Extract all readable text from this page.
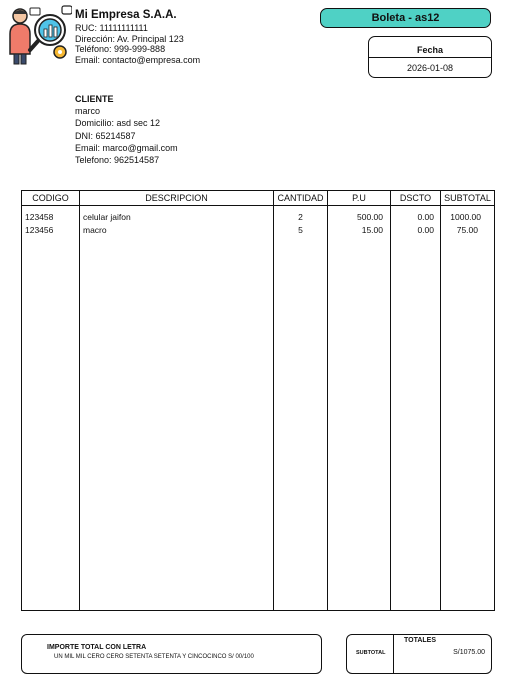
Mi Empresa S.A.A.
RUC: 11111111111
Dirección: Av. Principal 123
Teléfono: 999-999-888
Email: contacto@empresa.com
Boleta - as12
Fecha
2026-01-08
CLIENTE
marco
Domicilio: asd sec 12
DNI: 65214587
Email: marco@gmail.com
Telefono: 962514587
CODIGO	DESCRIPCION	CANTIDAD	P.U	DSCTO	SUBTOTAL
123458	celular jaifon	2	500.00	0.00	1000.00
123456	macro	5	15.00	0.00	75.00
IMPORTE TOTAL CON LETRA
UN MIL MIL CERO CERO SETENTA SETENTA Y CINCOCINCO S/ 00/100
TOTALES
SUBTOTAL	S/1075.00
